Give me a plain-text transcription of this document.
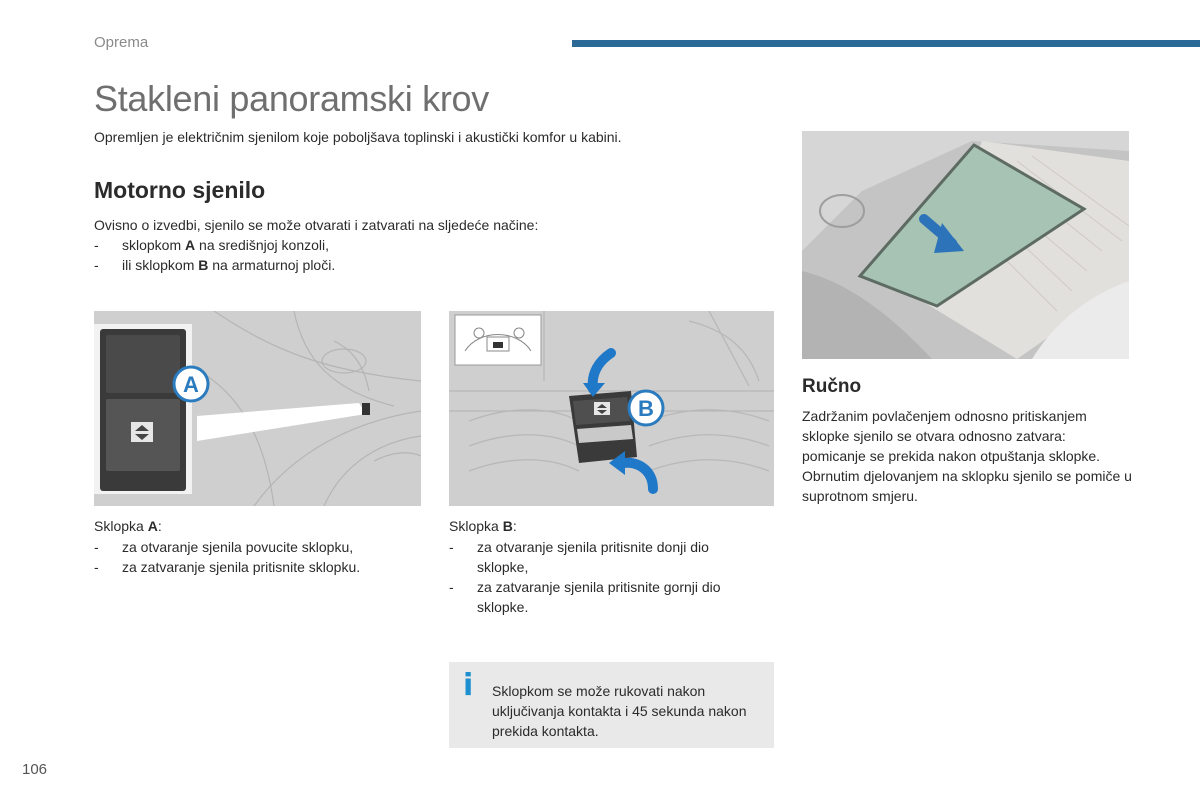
Oprema
Stakleni panoramski krov

Opremljen je električnim sjenilom koje poboljšava toplinski i akustički komfor u kabini.

Motorno sjenilo

Ovisno o izvedbi, sjenilo se može otvarati i zatvarati na sljedeće načine:

- sklopkom A na središnjoj konzoli,
- ili sklopkom B na armaturnoj ploči.
A
B

Sklopka A:

- za otvaranje sjenila povucite sklopku,
- za zatvaranje sjenila pritisnite sklopku.

Sklopka B:

- za otvaranje sjenila pritisnite donji dio sklopke,
- za zatvaranje sjenila pritisnite gornji dio sklopke.
Ručno

Zadržanim povlačenjem odnosno pritiskanjem sklopke sjenilo se otvara odnosno zatvara: pomicanje se prekida nakon otpuštanja sklopke. Obrnutim djelovanjem na sklopku sjenilo se pomiče u suprotnom smjeru.

i Sklopkom se može rukovati nakon uključivanja kontakta i 45 sekunda nakon prekida kontakta.

106
